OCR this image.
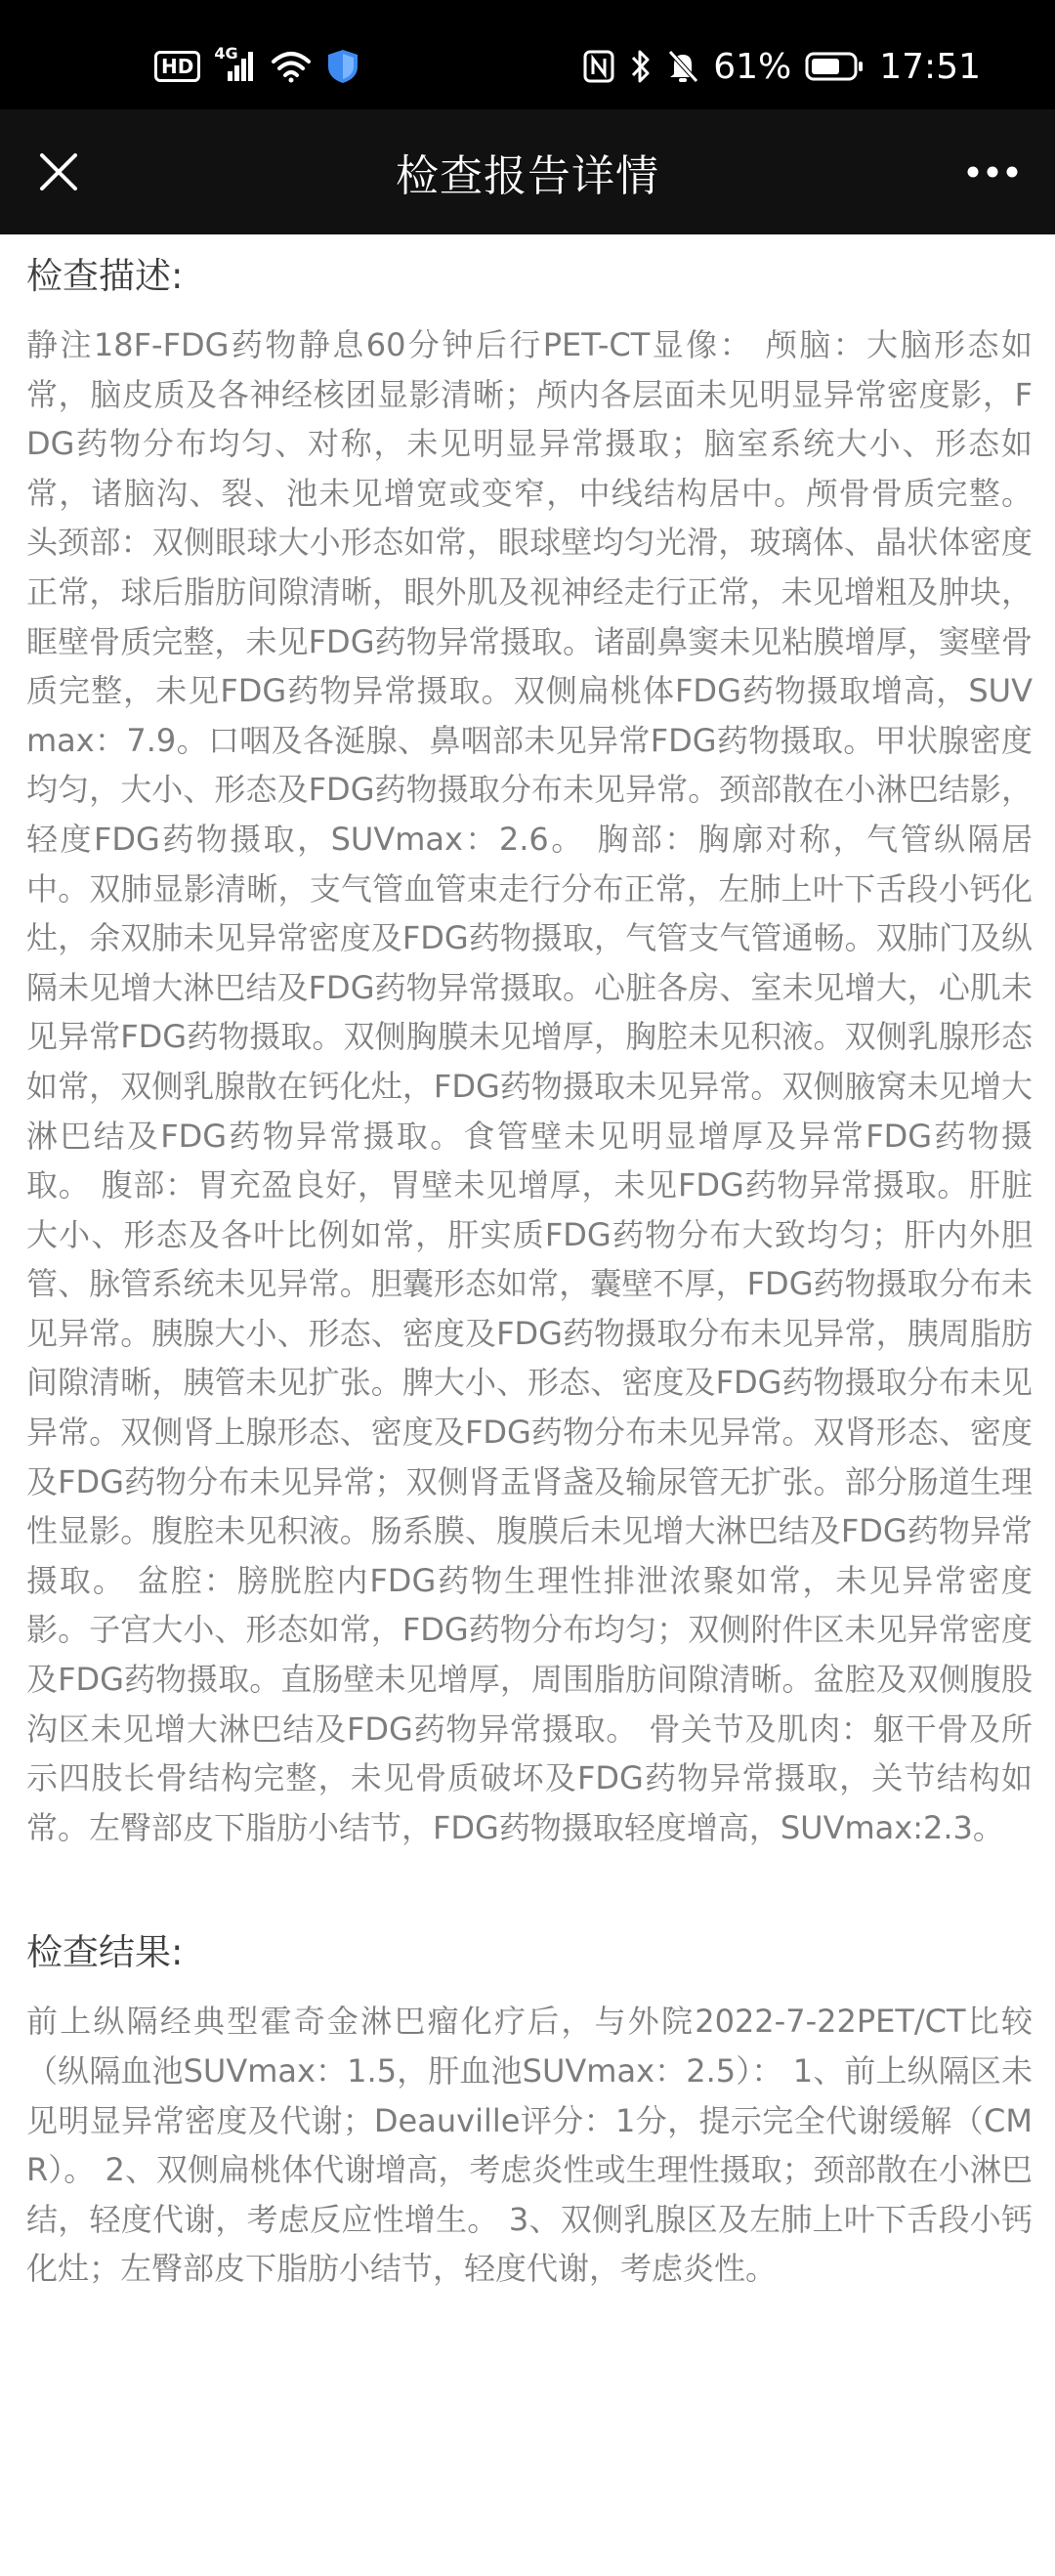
HD
4G	61%	17:51
检查报告详情
检查描述:
静注18F-FDG药物静息60分钟后行PET-CT显像： 颅脑：大脑形态如常，脑皮质及各神经核团显影清晰；颅内各层面未见明显异常密度影，FDG药物分布均匀、对称，未见明显异常摄取；脑室系统大小、形态如常，诸脑沟、裂、池未见增宽或变窄，中线结构居中。颅骨骨质完整。 头颈部：双侧眼球大小形态如常，眼球壁均匀光滑，玻璃体、晶状体密度正常，球后脂肪间隙清晰，眼外肌及视神经走行正常，未见增粗及肿块，眶壁骨质完整，未见FDG药物异常摄取。诸副鼻窦未见粘膜增厚，窦壁骨质完整，未见FDG药物异常摄取。双侧扁桃体FDG药物摄取增高，SUVmax：7.9。口咽及各涎腺、鼻咽部未见异常FDG药物摄取。甲状腺密度均匀，大小、形态及FDG药物摄取分布未见异常。颈部散在小淋巴结影，轻度FDG药物摄取，SUVmax：2.6。 胸部：胸廓对称，气管纵隔居中。双肺显影清晰，支气管血管束走行分布正常，左肺上叶下舌段小钙化灶，余双肺未见异常密度及FDG药物摄取，气管支气管通畅。双肺门及纵隔未见增大淋巴结及FDG药物异常摄取。心脏各房、室未见增大，心肌未见异常FDG药物摄取。双侧胸膜未见增厚，胸腔未见积液。双侧乳腺形态如常，双侧乳腺散在钙化灶，FDG药物摄取未见异常。双侧腋窝未见增大淋巴结及FDG药物异常摄取。食管壁未见明显增厚及异常FDG药物摄取。 腹部：胃充盈良好，胃壁未见增厚，未见FDG药物异常摄取。肝脏大小、形态及各叶比例如常，肝实质FDG药物分布大致均匀；肝内外胆管、脉管系统未见异常。胆囊形态如常，囊壁不厚，FDG药物摄取分布未见异常。胰腺大小、形态、密度及FDG药物摄取分布未见异常，胰周脂肪间隙清晰，胰管未见扩张。脾大小、形态、密度及FDG药物摄取分布未见异常。双侧肾上腺形态、密度及FDG药物分布未见异常。双肾形态、密度及FDG药物分布未见异常；双侧肾盂肾盏及输尿管无扩张。部分肠道生理性显影。腹腔未见积液。肠系膜、腹膜后未见增大淋巴结及FDG药物异常摄取。 盆腔：膀胱腔内FDG药物生理性排泄浓聚如常，未见异常密度影。子宫大小、形态如常，FDG药物分布均匀；双侧附件区未见异常密度及FDG药物摄取。直肠壁未见增厚，周围脂肪间隙清晰。盆腔及双侧腹股沟区未见增大淋巴结及FDG药物异常摄取。 骨关节及肌肉：躯干骨及所示四肢长骨结构完整，未见骨质破坏及FDG药物异常摄取，关节结构如常。左臀部皮下脂肪小结节，FDG药物摄取轻度增高，SUVmax:2.3。
检查结果:
前上纵隔经典型霍奇金淋巴瘤化疗后，与外院2022-7-22PET/CT比较（纵隔血池SUVmax：1.5，肝血池SUVmax：2.5）： 1、前上纵隔区未见明显异常密度及代谢；Deauville评分：1分，提示完全代谢缓解（CMR）。 2、双侧扁桃体代谢增高，考虑炎性或生理性摄取；颈部散在小淋巴结，轻度代谢，考虑反应性增生。 3、双侧乳腺区及左肺上叶下舌段小钙化灶；左臀部皮下脂肪小结节，轻度代谢，考虑炎性。
